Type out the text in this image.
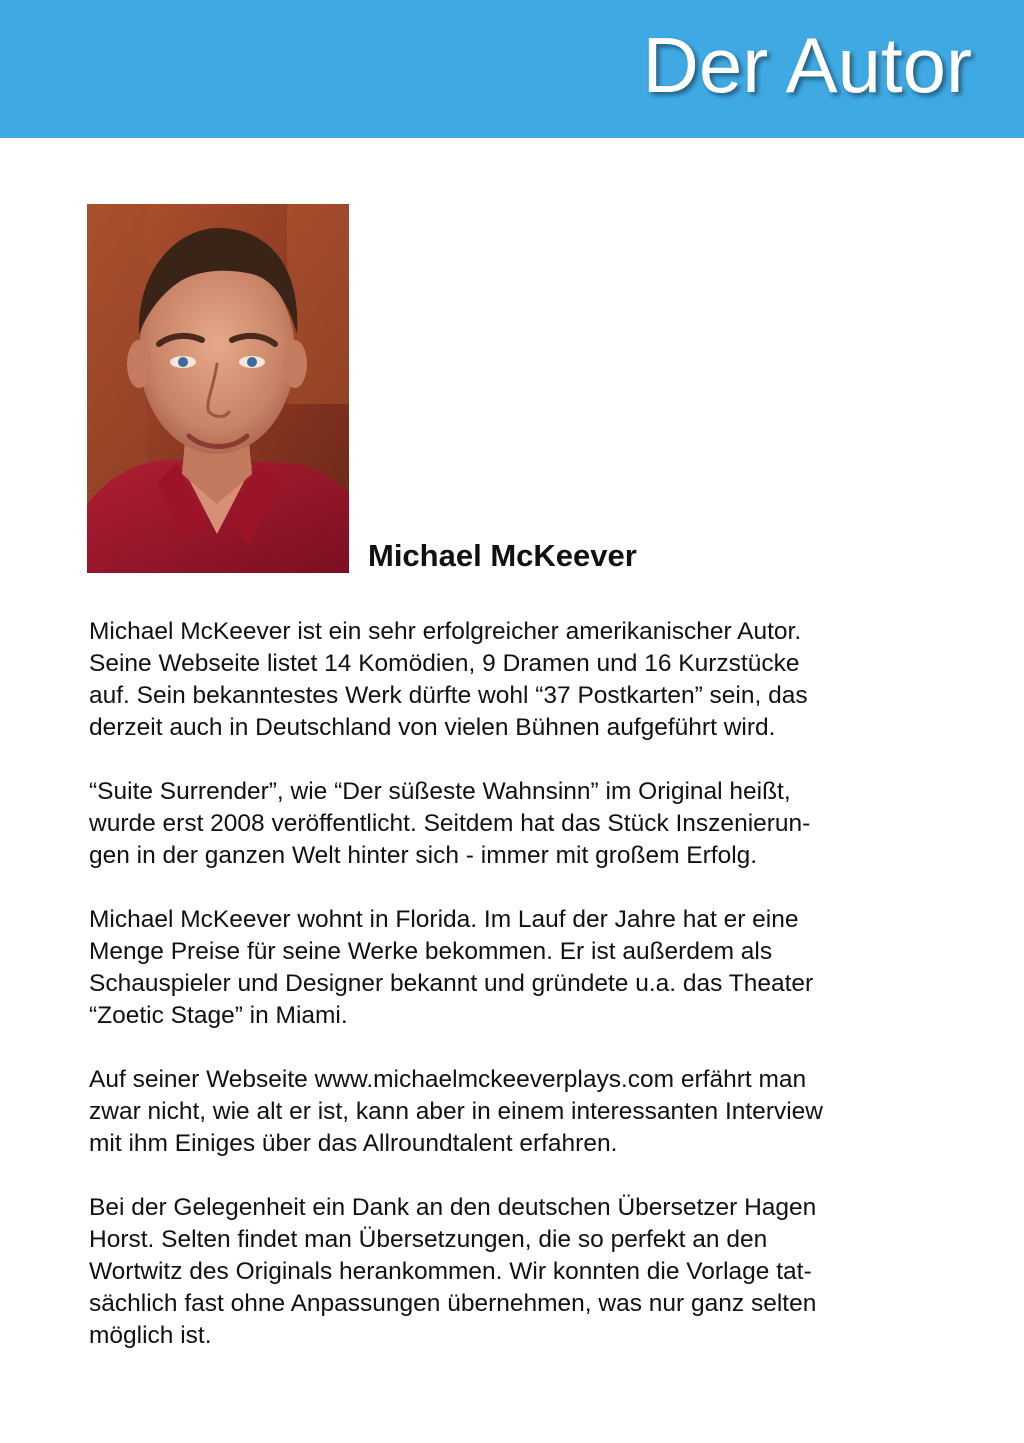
Der Autor
Michael McKeever

Michael McKeever ist ein sehr erfolgreicher amerikanischer Autor.
Seine Webseite listet 14 Komödien, 9 Dramen und 16 Kurzstücke
auf. Sein bekanntestes Werk dürfte wohl “37 Postkarten” sein, das
derzeit auch in Deutschland von vielen Bühnen aufgeführt wird.

“Suite Surrender”, wie “Der süßeste Wahnsinn” im Original heißt,
wurde erst 2008 veröffentlicht. Seitdem hat das Stück Inszenierun-
gen in der ganzen Welt hinter sich - immer mit großem Erfolg.

Michael McKeever wohnt in Florida. Im Lauf der Jahre hat er eine
Menge Preise für seine Werke bekommen. Er ist außerdem als
Schauspieler und Designer bekannt und gründete u.a. das Theater
“Zoetic Stage” in Miami.

Auf seiner Webseite www.michaelmckeeverplays.com erfährt man
zwar nicht, wie alt er ist, kann aber in einem interessanten Interview
mit ihm Einiges über das Allroundtalent erfahren.

Bei der Gelegenheit ein Dank an den deutschen Übersetzer Hagen
Horst. Selten findet man Übersetzungen, die so perfekt an den
Wortwitz des Originals herankommen. Wir konnten die Vorlage tat-
sächlich fast ohne Anpassungen übernehmen, was nur ganz selten
möglich ist.
